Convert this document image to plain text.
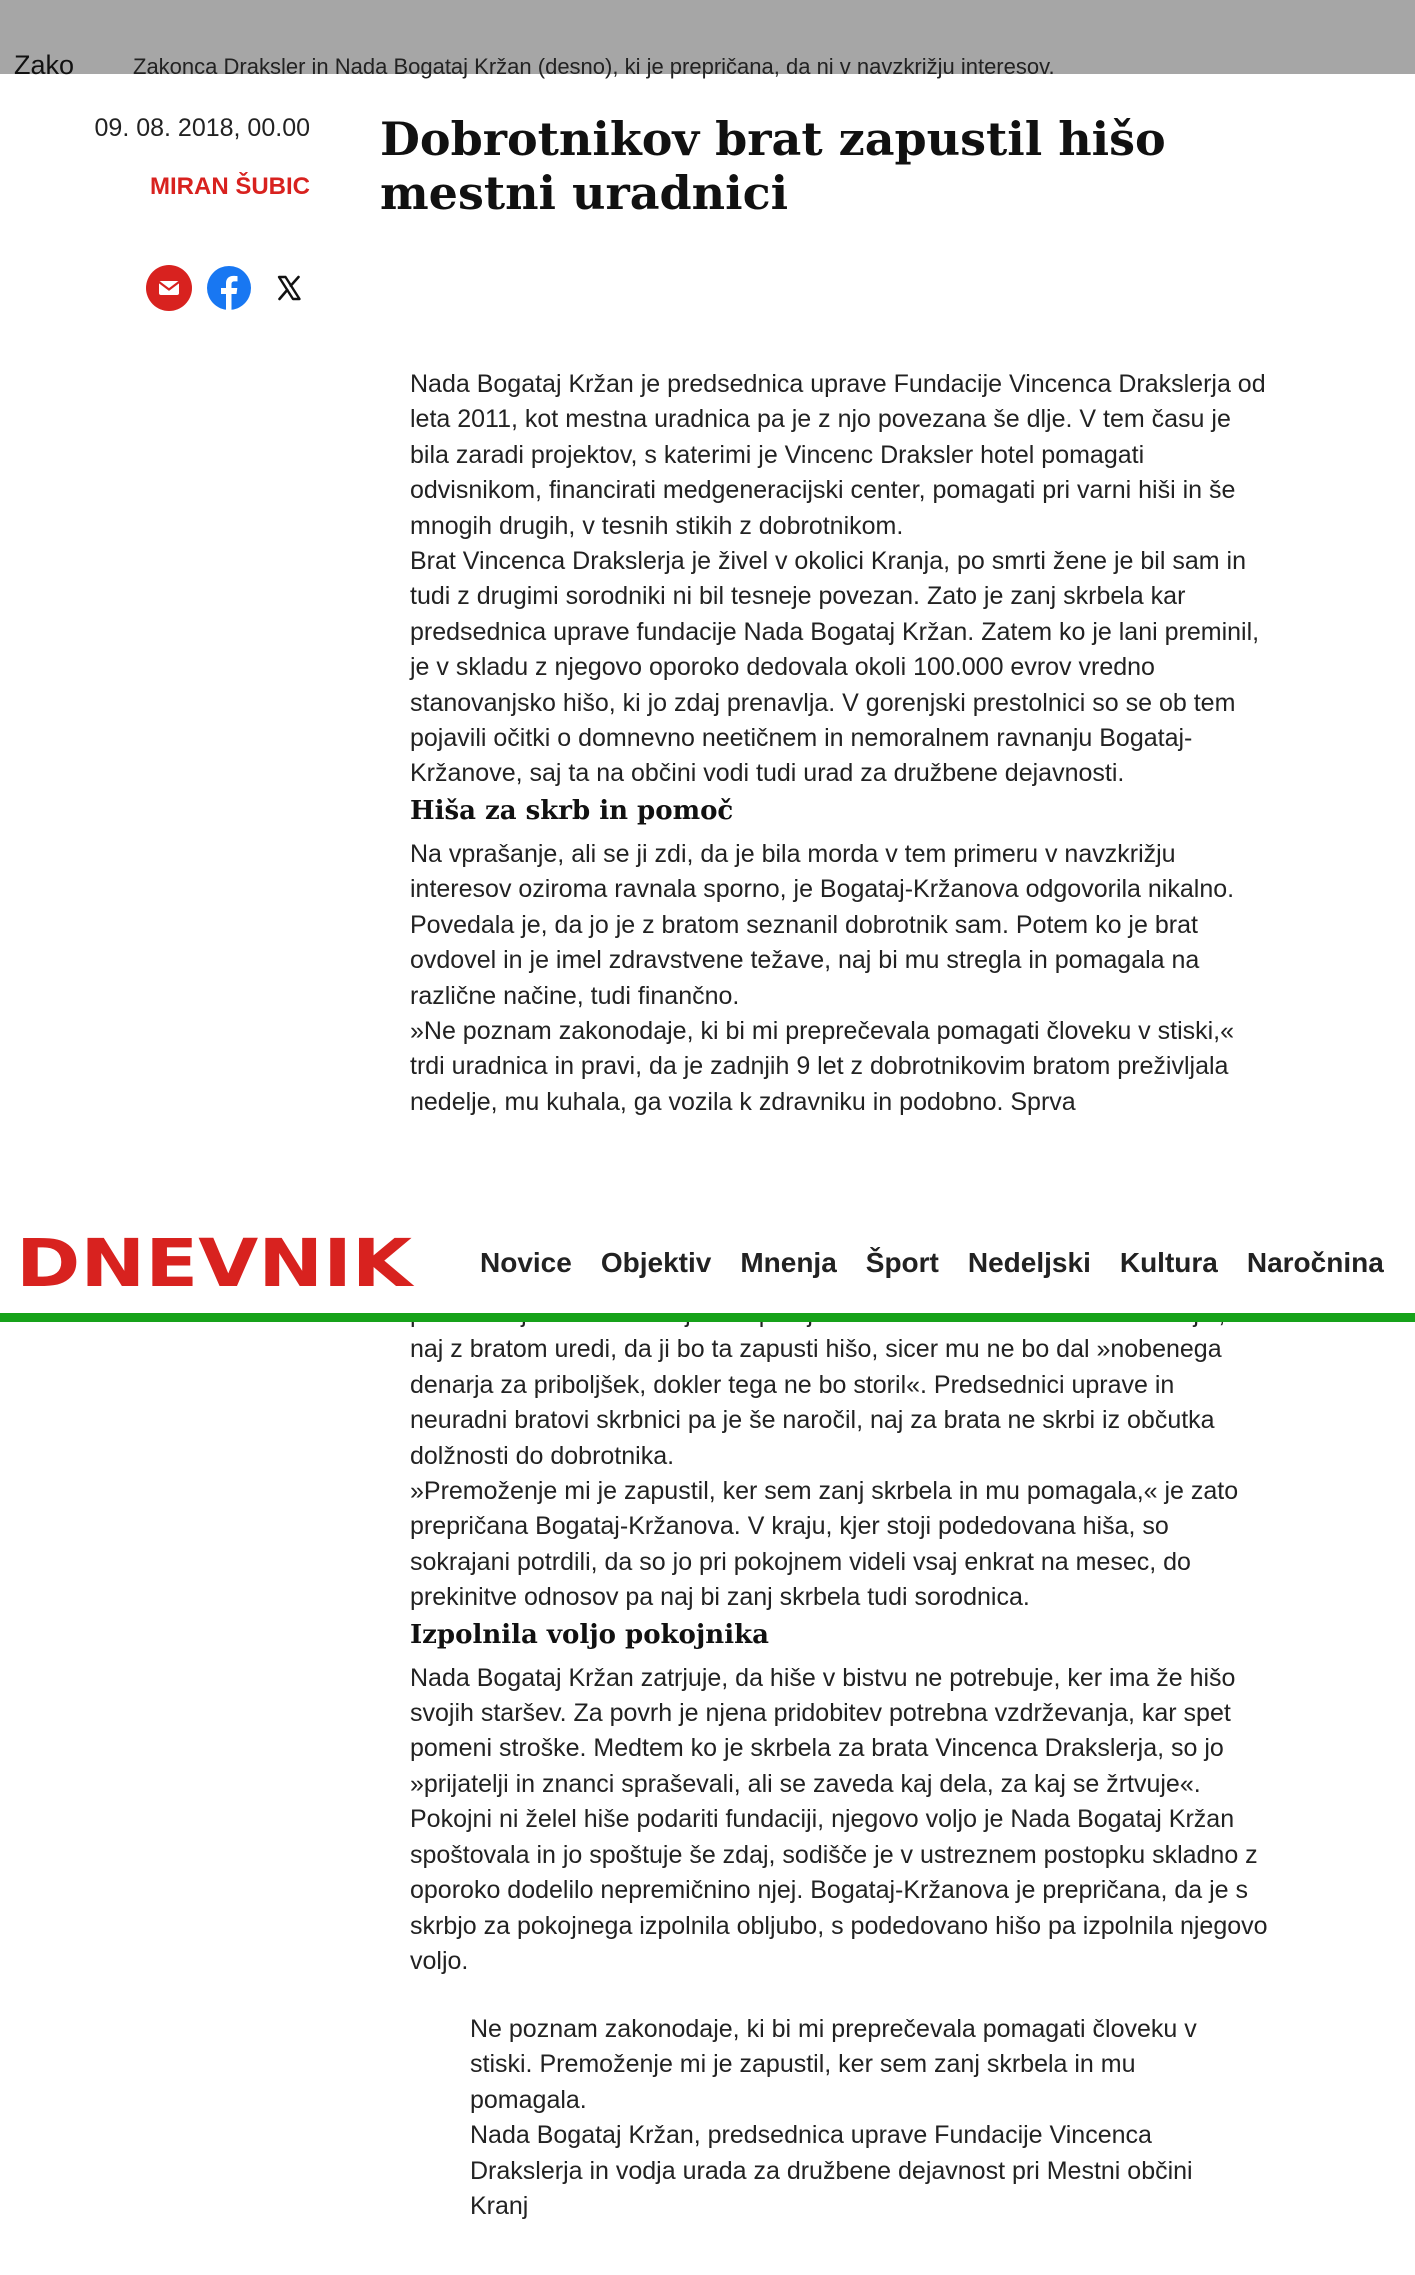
Zako	Zakonca Draksler in Nada Bogataj Kržan (desno), ki je prepričana, da ni v navzkrižju interesov.
09. 08. 2018, 00.00
MIRAN ŠUBIC
Dobrotnikov brat zapustil hišo mestni uradnici

Nada Bogataj Kržan je predsednica uprave Fundacije Vincenca Drakslerja od leta 2011, kot mestna uradnica pa je z njo povezana še dlje. V tem času je bila zaradi projektov, s katerimi je Vincenc Draksler hotel pomagati odvisnikom, financirati medgeneracijski center, pomagati pri varni hiši in še mnogih drugih, v tesnih stikih z dobrotnikom.

Brat Vincenca Drakslerja je živel v okolici Kranja, po smrti žene je bil sam in tudi z drugimi sorodniki ni bil tesneje povezan. Zato je zanj skrbela kar predsednica uprave fundacije Nada Bogataj Kržan. Zatem ko je lani preminil, je v skladu z njegovo oporoko dedovala okoli 100.000 evrov vredno stanovanjsko hišo, ki jo zdaj prenavlja. V gorenjski prestolnici so se ob tem pojavili očitki o domnevno neetičnem in nemoralnem ravnanju Bogataj-Kržanove, saj ta na občini vodi tudi urad za družbene dejavnosti.

Hiša za skrb in pomoč

Na vprašanje, ali se ji zdi, da je bila morda v tem primeru v navzkrižju interesov oziroma ravnala sporno, je Bogataj-Kržanova odgovorila nikalno. Povedala je, da jo je z bratom seznanil dobrotnik sam. Potem ko je brat ovdovel in je imel zdravstvene težave, naj bi mu stregla in pomagala na različne načine, tudi finančno.

»Ne poznam zakonodaje, ki bi mi preprečevala pomagati človeku v stiski,« trdi uradnica in pravi, da je zadnjih 9 let z dobrotnikovim bratom preživljala nedelje, mu kuhala, ga vozila k zdravniku in podobno. Sprva

naj z bratom uredi, da ji bo ta zapusti hišo, sicer mu ne bo dal »nobenega denarja za priboljšek, dokler tega ne bo storil«. Predsednici uprave in neuradni bratovi skrbnici pa je še naročil, naj za brata ne skrbi iz občutka dolžnosti do dobrotnika.

»Premoženje mi je zapustil, ker sem zanj skrbela in mu pomagala,« je zato prepričana Bogataj-Kržanova. V kraju, kjer stoji podedovana hiša, so sokrajani potrdili, da so jo pri pokojnem videli vsaj enkrat na mesec, do prekinitve odnosov pa naj bi zanj skrbela tudi sorodnica.

Izpolnila voljo pokojnika

Nada Bogataj Kržan zatrjuje, da hiše v bistvu ne potrebuje, ker ima že hišo svojih staršev. Za povrh je njena pridobitev potrebna vzdrževanja, kar spet pomeni stroške. Medtem ko je skrbela za brata Vincenca Drakslerja, so jo »prijatelji in znanci spraševali, ali se zaveda kaj dela, za kaj se žrtvuje«. Pokojni ni želel hiše podariti fundaciji, njegovo voljo je Nada Bogataj Kržan spoštovala in jo spoštuje še zdaj, sodišče je v ustreznem postopku skladno z oporoko dodelilo nepremičnino njej. Bogataj-Kržanova je prepričana, da je s skrbjo za pokojnega izpolnila obljubo, s podedovano hišo pa izpolnila njegovo voljo.

Ne poznam zakonodaje, ki bi mi preprečevala pomagati človeku v stiski. Premoženje mi je zapustil, ker sem zanj skrbela in mu pomagala.

Nada Bogataj Kržan, predsednica uprave Fundacije Vincenca Drakslerja in vodja urada za družbene dejavnost pri Mestni občini Kranj

DNEVNIK Novice Objektiv Mnenja Šport Nedeljski Kultura Naročnina
